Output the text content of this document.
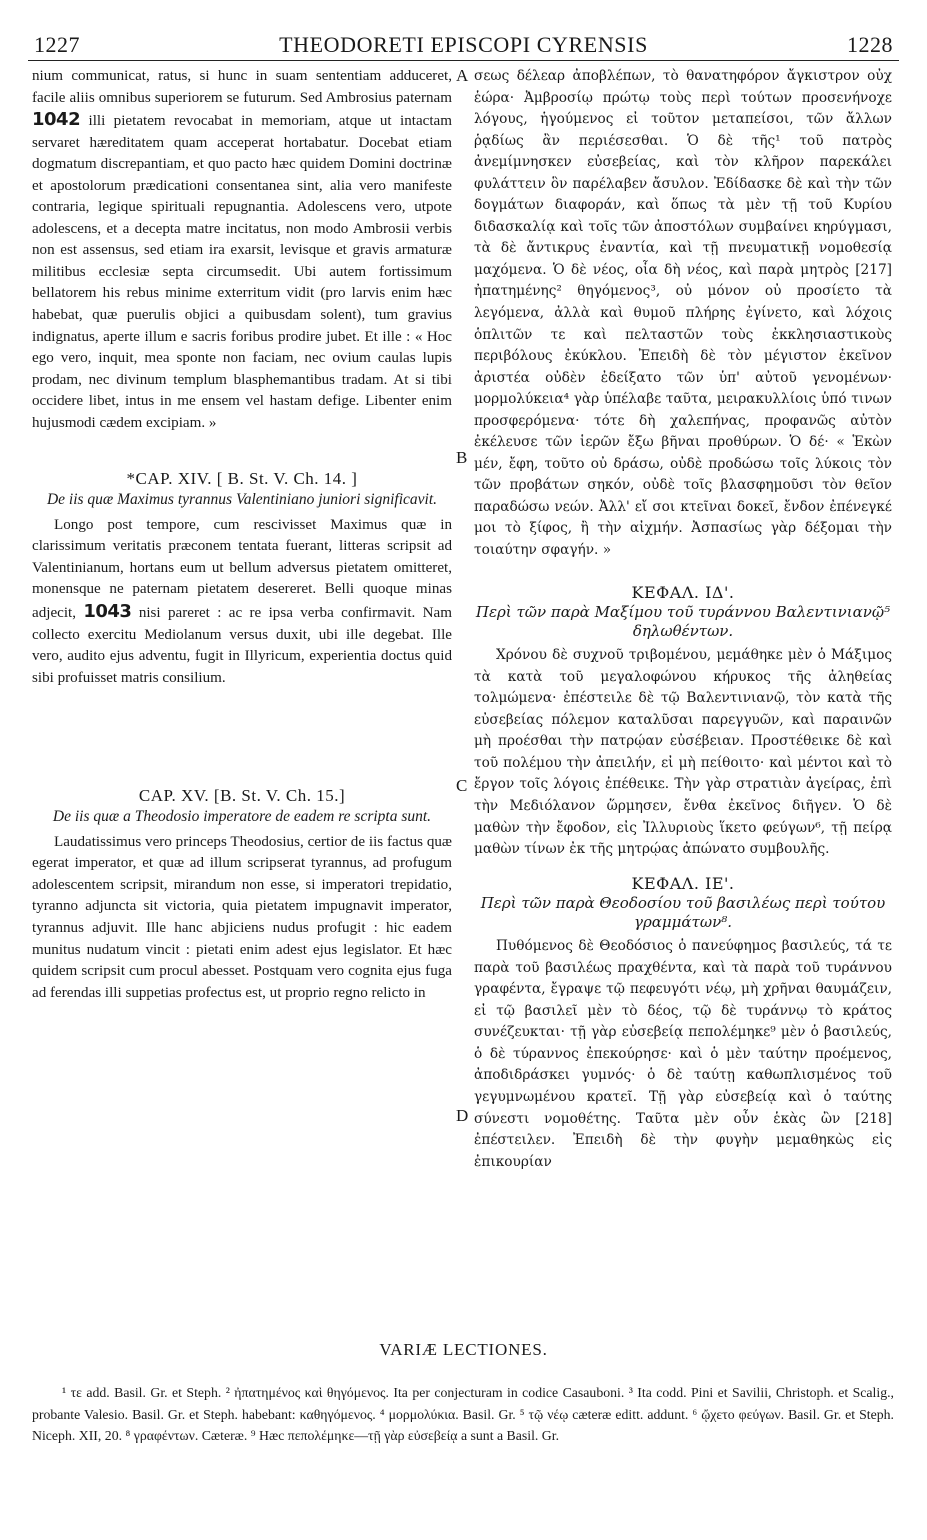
1227	THEODORETI EPISCOPI CYRENSIS	1228

nium communicat, ratus, si hunc in suam sententiam adduceret, facile aliis omnibus superiorem se futurum. Sed Ambrosius paternam 1042 illi pietatem revocabat in memoriam, atque ut intactam servaret hæreditatem quam acceperat hortabatur. Docebat etiam dogmatum discrepantiam, et quo pacto hæc quidem Domini doctrinæ et apostolorum prædicationi consentanea sint, alia vero manifeste contraria, legique spirituali repugnantia. Adolescens vero, utpote adolescens, et a decepta matre incitatus, non modo Ambrosii verbis non est assensus, sed etiam ira exarsit, levisque et gravis armaturæ militibus ecclesiæ septa circumsedit. Ubi autem fortissimum bellatorem his rebus minime exterritum vidit (pro larvis enim hæc habebat, quæ puerulis objici a quibusdam solent), tum gravius indignatus, aperte illum e sacris foribus prodire jubet. Et ille : « Hoc ego vero, inquit, mea sponte non faciam, nec ovium caulas lupis prodam, nec divinum templum blasphemantibus tradam. At si tibi occidere libet, intus in me ensem vel hastam defige. Libenter enim hujusmodi cædem excipiam. »

*CAP. XIV. [ B. St. V. Ch. 14. ]

De iis quæ Maximus tyrannus Valentiniano juniori significavit.

Longo post tempore, cum rescivisset Maximus quæ in clarissimum veritatis præconem tentata fuerant, litteras scripsit ad Valentinianum, hortans eum ut bellum adversus pietatem omitteret, monensque ne paternam pietatem desereret. Belli quoque minas adjecit, 1043 nisi pareret : ac re ipsa verba confirmavit. Nam collecto exercitu Mediolanum versus duxit, ubi ille degebat. Ille vero, audito ejus adventu, fugit in Illyricum, experientia doctus quid sibi profuisset matris consilium.

CAP. XV. [B. St. V. Ch. 15.]

De iis quæ a Theodosio imperatore de eadem re scripta sunt.

Laudatissimus vero princeps Theodosius, certior de iis factus quæ egerat imperator, et quæ ad illum scripserat tyrannus, ad profugum adolescentem scripsit, mirandum non esse, si imperatori trepidatio, tyranno adjuncta sit victoria, quia pietatem impugnavit imperator, tyrannus adjuvit. Ille hanc abjiciens nudus profugit : hic eadem munitus nudatum vincit : pietati enim adest ejus legislator. Et hæc quidem scripsit cum procul abesset. Postquam vero cognita ejus fuga ad ferendas illi suppetias profectus est, ut proprio regno relicto in

A
B
C
D

σεως δέλεαρ ἀποβλέπων, τὸ θανατηφόρον ἄγκιστρον οὐχ ἑώρα· Ἀμβροσίῳ πρώτῳ τοὺς περὶ τούτων προσενήνοχε λόγους, ἡγούμενος εἰ τοῦτον μεταπείσοι, τῶν ἄλλων ῥᾳδίως ἂν περιέσεσθαι. Ὁ δὲ τῆς¹ τοῦ πατρὸς ἀνεμίμνησκεν εὐσεβείας, καὶ τὸν κλῆρον παρεκάλει φυλάττειν ὃν παρέλαβεν ἄσυλον. Ἐδίδασκε δὲ καὶ τὴν τῶν δογμάτων διαφοράν, καὶ ὅπως τὰ μὲν τῇ τοῦ Κυρίου διδασκαλίᾳ καὶ τοῖς τῶν ἀποστόλων συμβαίνει κηρύγμασι, τὰ δὲ ἄντικρυς ἐναντία, καὶ τῇ πνευματικῇ νομοθεσίᾳ μαχόμενα. Ὁ δὲ νέος, οἷα δὴ νέος, καὶ παρὰ μητρὸς [217] ἠπατημένης² θηγόμενος³, οὐ μόνον οὐ προσίετο τὰ λεγόμενα, ἀλλὰ καὶ θυμοῦ πλήρης ἐγίνετο, καὶ λόχοις ὁπλιτῶν τε καὶ πελταστῶν τοὺς ἐκκλησιαστικοὺς περιβόλους ἐκύκλου. Ἐπειδὴ δὲ τὸν μέγιστον ἐκεῖνον ἀριστέα οὐδὲν ἐδείξατο τῶν ὑπ' αὐτοῦ γενομένων· μορμολύκεια⁴ γὰρ ὑπέλαβε ταῦτα, μειρακυλλίοις ὑπό τινων προσφερόμενα· τότε δὴ χαλεπήνας, προφανῶς αὐτὸν ἐκέλευσε τῶν ἱερῶν ἔξω βῆναι προθύρων. Ὁ δέ· « Ἑκὼν μέν, ἔφη, τοῦτο οὐ δράσω, οὐδὲ προδώσω τοῖς λύκοις τὸν τῶν προβάτων σηκόν, οὐδὲ τοῖς βλασφημοῦσι τὸν θεῖον παραδώσω νεών. Ἀλλ' εἴ σοι κτεῖναι δοκεῖ, ἔνδον ἐπένεγκέ μοι τὸ ξίφος, ἢ τὴν αἰχμήν. Ἀσπασίως γὰρ δέξομαι τὴν τοιαύτην σφαγήν. »

ΚΕΦΑΛ. ΙΔ'.

Περὶ τῶν παρὰ Μαξίμου τοῦ τυράννου Βαλεντινιανῷ⁵ δηλωθέντων.

Χρόνου δὲ συχνοῦ τριβομένου, μεμάθηκε μὲν ὁ Μάξιμος τὰ κατὰ τοῦ μεγαλοφώνου κήρυκος τῆς ἀληθείας τολμώμενα· ἐπέστειλε δὲ τῷ Βαλεντινιανῷ, τὸν κατὰ τῆς εὐσεβείας πόλεμον καταλῦσαι παρεγγυῶν, καὶ παραινῶν μὴ προέσθαι τὴν πατρῴαν εὐσέβειαν. Προστέθεικε δὲ καὶ τοῦ πολέμου τὴν ἀπειλήν, εἰ μὴ πείθοιτο· καὶ μέντοι καὶ τὸ ἔργον τοῖς λόγοις ἐπέθεικε. Τὴν γὰρ στρατιὰν ἀγείρας, ἐπὶ τὴν Μεδιόλανον ὥρμησεν, ἔνθα ἐκεῖνος διῆγεν. Ὁ δὲ μαθὼν τὴν ἔφοδον, εἰς Ἰλλυριοὺς ἵκετο φεύγων⁶, τῇ πείρᾳ μαθὼν τίνων ἐκ τῆς μητρῴας ἀπώνατο συμβουλῆς.

ΚΕΦΑΛ. ΙΕ'.

Περὶ τῶν παρὰ Θεοδοσίου τοῦ βασιλέως περὶ τούτου γραμμάτων⁸.

Πυθόμενος δὲ Θεοδόσιος ὁ πανεύφημος βασιλεύς, τά τε παρὰ τοῦ βασιλέως πραχθέντα, καὶ τὰ παρὰ τοῦ τυράννου γραφέντα, ἔγραψε τῷ πεφευγότι νέῳ, μὴ χρῆναι θαυμάζειν, εἰ τῷ βασιλεῖ μὲν τὸ δέος, τῷ δὲ τυράννῳ τὸ κράτος συνέζευκται· τῇ γὰρ εὐσεβείᾳ πεπολέμηκε⁹ μὲν ὁ βασιλεύς, ὁ δὲ τύραννος ἐπεκούρησε· καὶ ὁ μὲν ταύτην προέμενος, ἀποδιδράσκει γυμνός· ὁ δὲ ταύτῃ καθωπλισμένος τοῦ γεγυμνωμένου κρατεῖ. Τῇ γὰρ εὐσεβείᾳ καὶ ὁ ταύτης σύνεστι νομοθέτης. Ταῦτα μὲν οὖν ἑκὰς ὢν [218] ἐπέστειλεν. Ἐπειδὴ δὲ τὴν φυγὴν μεμαθηκὼς εἰς ἐπικουρίαν

VARIÆ LECTIONES.

¹ τε add. Basil. Gr. et Steph. ² ἠπατημένος καὶ θηγόμενος. Ita per conjecturam in codice Casauboni. ³ Ita codd. Pini et Savilii, Christoph. et Scalig., probante Valesio. Basil. Gr. et Steph. habebant: καθηγόμενος. ⁴ μορμολύκια. Basil. Gr. ⁵ τῷ νέῳ cæteræ editt. addunt. ⁶ ᾤχετο φεύγων. Basil. Gr. et Steph. Niceph. XII, 20. ⁸ γραφέντων. Cæteræ. ⁹ Hæc πεπολέμηκε—τῇ γὰρ εὐσεβείᾳ a sunt a Basil. Gr.
